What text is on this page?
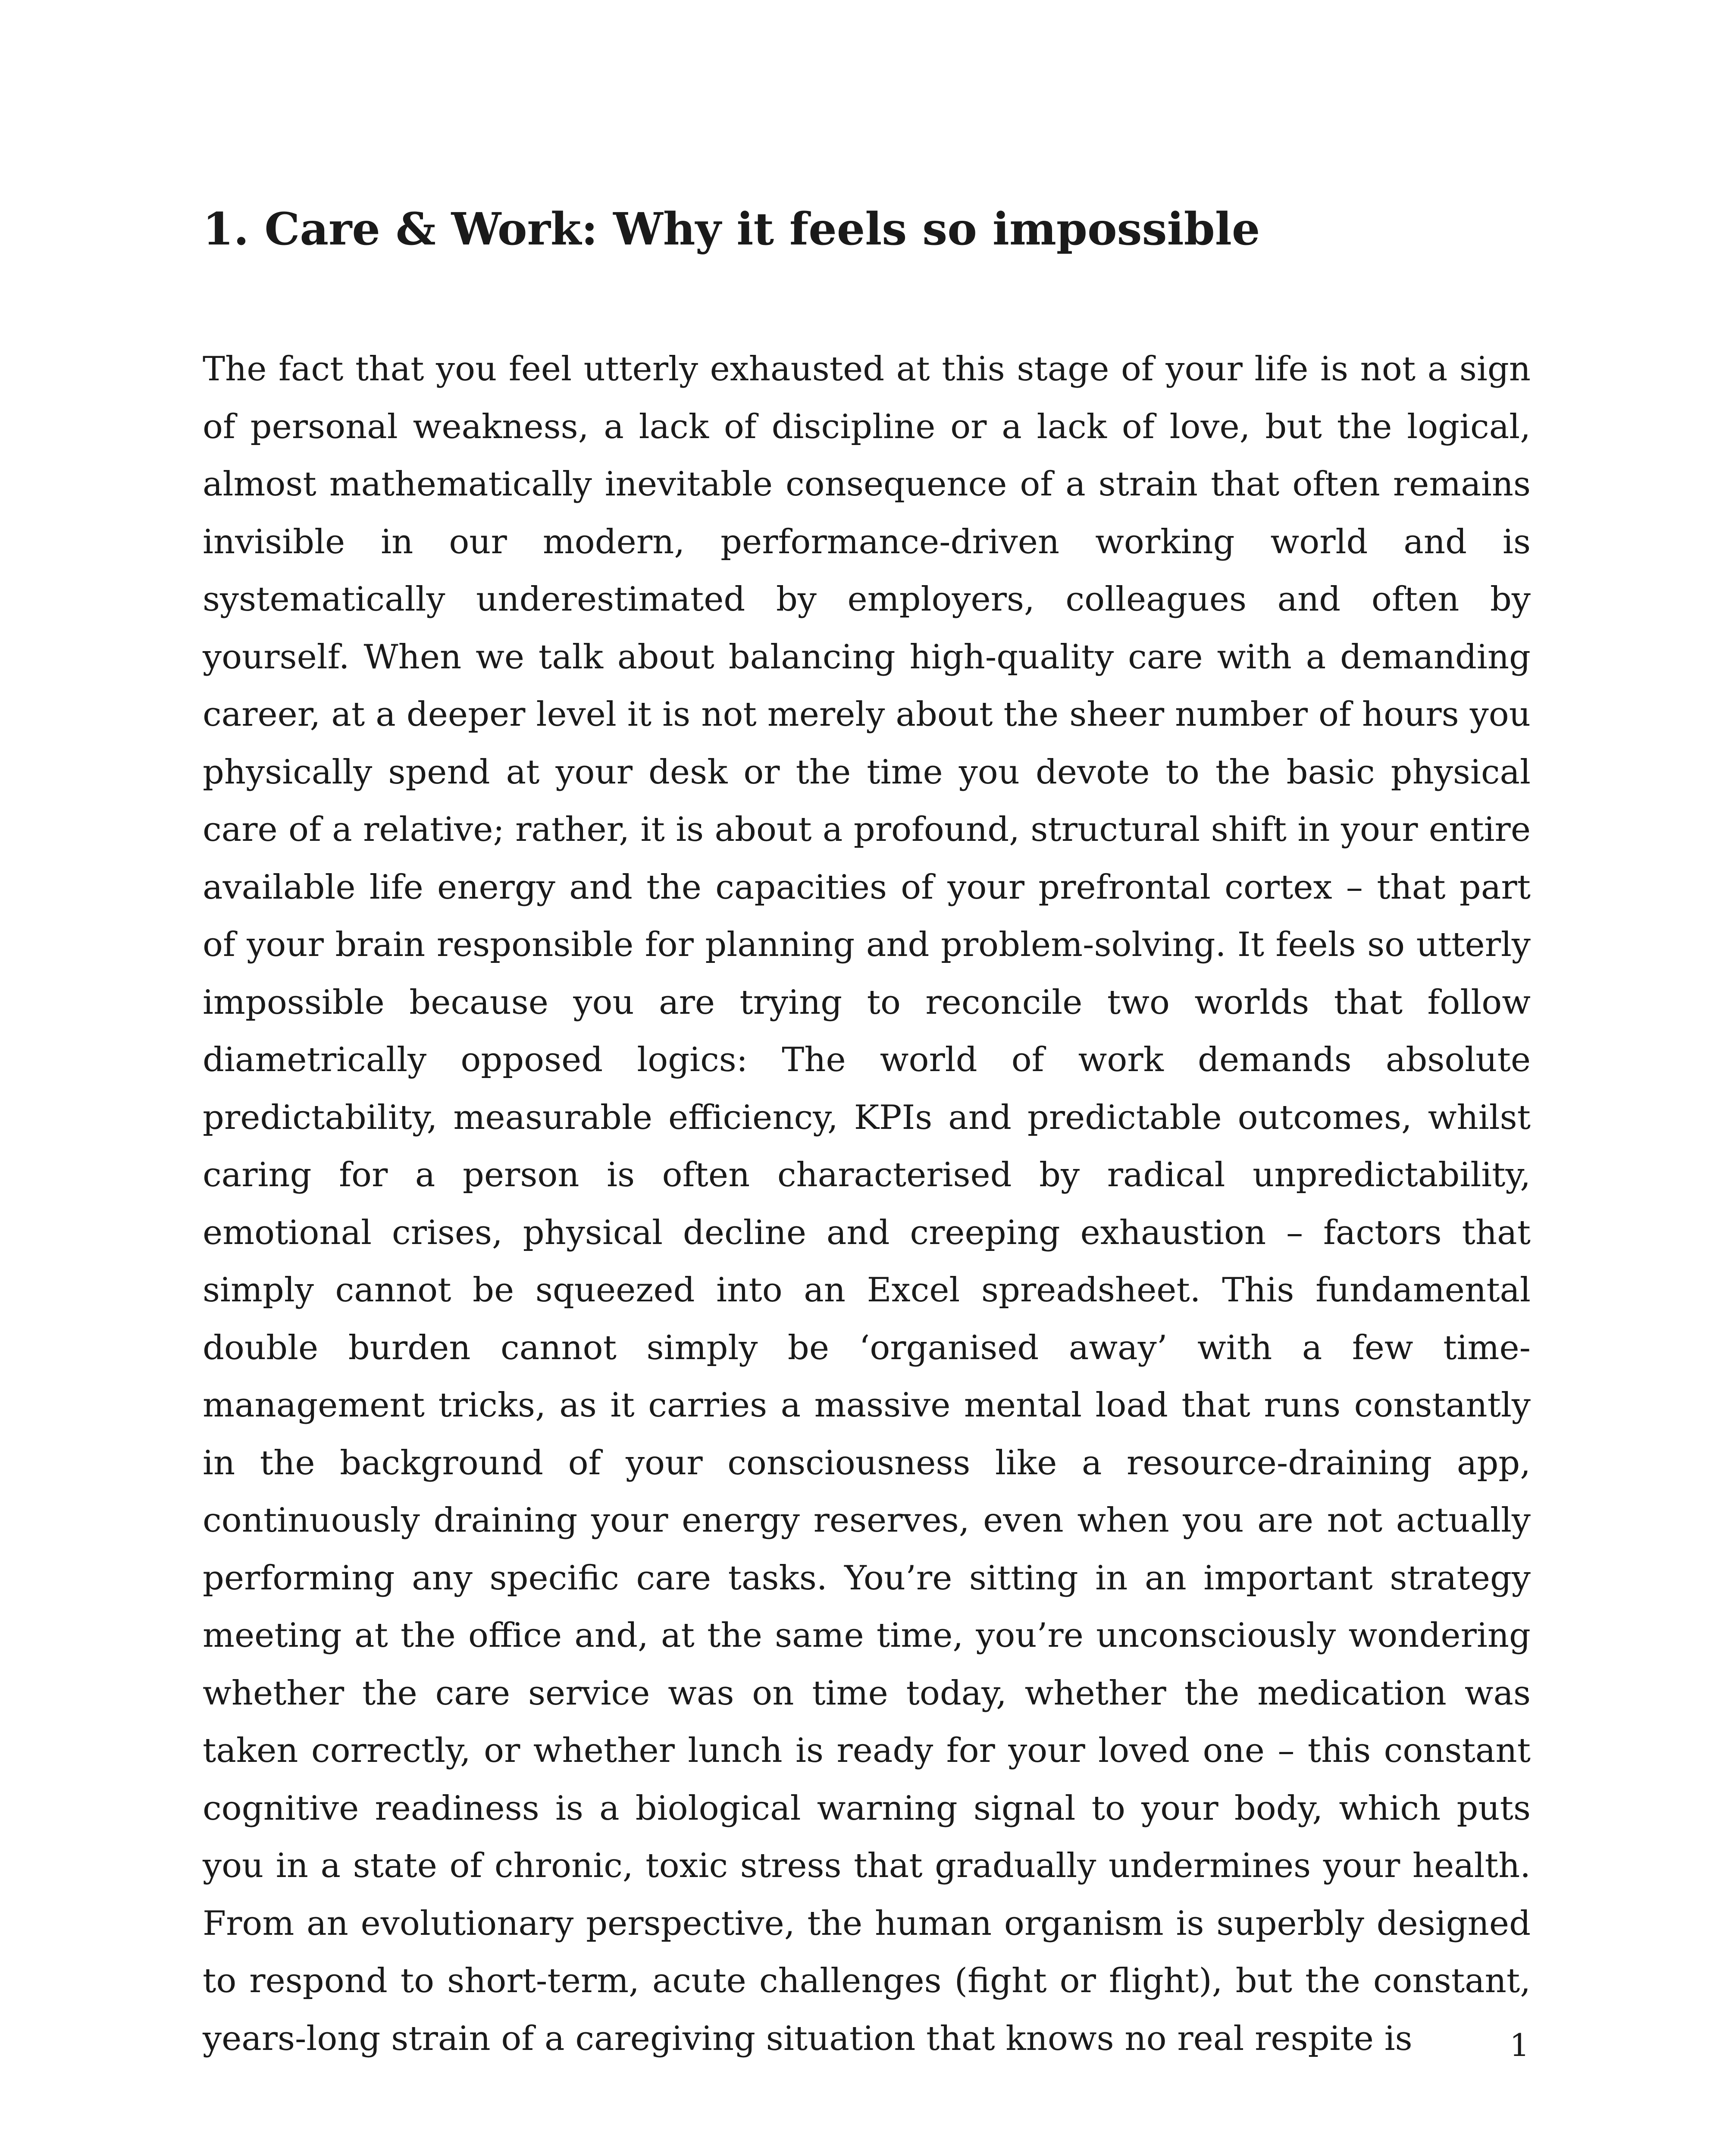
1. Care & Work: Why it feels so impossible

The fact that you feel utterly exhausted at this stage of your life is not a sign of personal weakness, a lack of discipline or a lack of love, but the logical, almost mathematically inevitable consequence of a strain that often remains invisible in our modern, performance-driven working world and is systematically underestimated by employers, colleagues and often by yourself. When we talk about balancing high-quality care with a demanding career, at a deeper level it is not merely about the sheer number of hours you physically spend at your desk or the time you devote to the basic physical care of a relative; rather, it is about a profound, structural shift in your entire available life energy and the capacities of your prefrontal cortex – that part of your brain responsible for planning and problem-solving. It feels so utterly impossible because you are trying to reconcile two worlds that follow diametrically opposed logics: The world of work demands absolute predictability, measurable efficiency, KPIs and predictable outcomes, whilst caring for a person is often characterised by radical unpredictability, emotional crises, physical decline and creeping exhaustion – factors that simply cannot be squeezed into an Excel spreadsheet. This fundamental double burden cannot simply be ‘organised away’ with a few time-management tricks, as it carries a massive mental load that runs constantly in the background of your consciousness like a resource-draining app, continuously draining your energy reserves, even when you are not actually performing any specific care tasks. You’re sitting in an important strategy meeting at the office and, at the same time, you’re unconsciously wondering whether the care service was on time today, whether the medication was taken correctly, or whether lunch is ready for your loved one – this constant cognitive readiness is a biological warning signal to your body, which puts you in a state of chronic, toxic stress that gradually undermines your health. From an evolutionary perspective, the human organism is superbly designed to respond to short-term, acute challenges (fight or flight), but the constant, years-long strain of a caregiving situation that knows no real respite is	1
